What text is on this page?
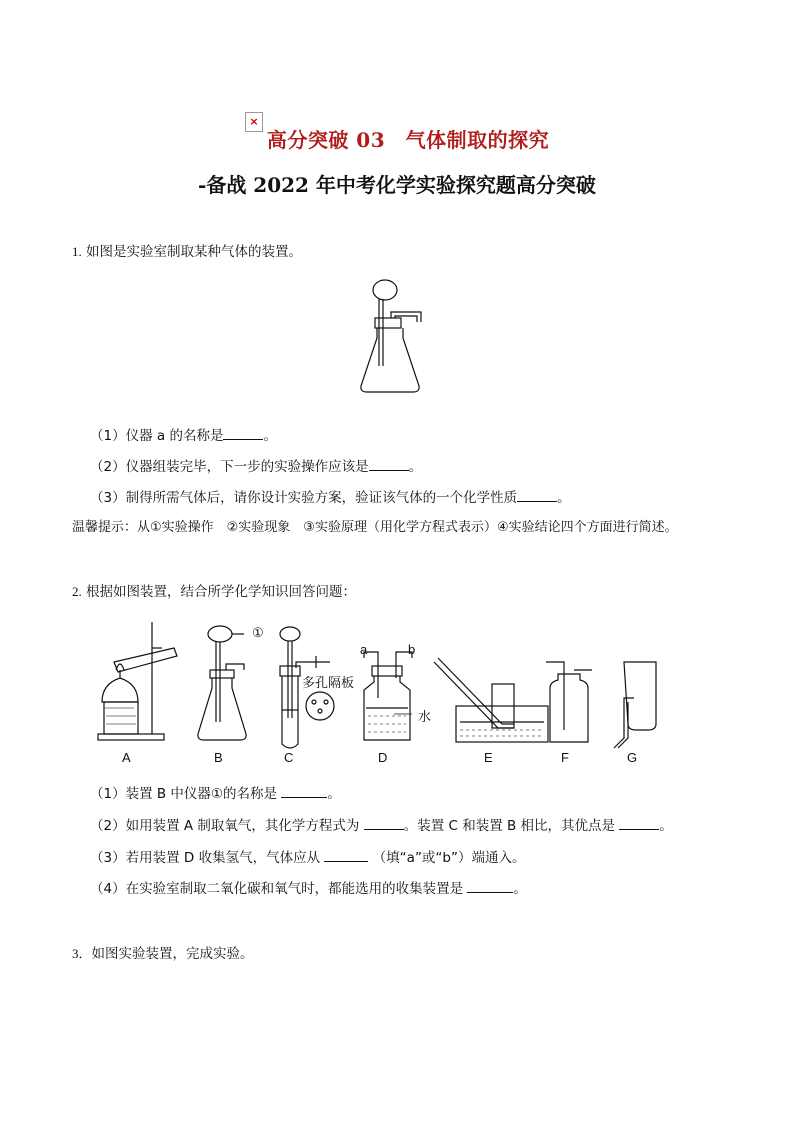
×
高分突破 03　气体制取的探究
-备战 2022 年中考化学实验探究题高分突破
1. 如图是实验室制取某种气体的装置。
（1）仪器 a 的名称是	。
（2）仪器组装完毕，下一步的实验操作应该是	。
（3）制得所需气体后，请你设计实验方案，验证该气体的一个化学性质	。
温馨提示：从①实验操作　②实验现象　③实验原理（用化学方程式表示）④实验结论四个方面进行简述。
2. 根据如图装置，结合所学化学知识回答问题：
①
多孔隔板
a	b
水
A	B	C	D	E	F	G
（1）装置 B 中仪器①的名称是	。
（2）如用装置 A 制取氧气，其化学方程式为	。装置 C 和装置 B 相比，其优点是	。
（3）若用装置 D 收集氢气，气体应从	（填“a”或“b”）端通入。
（4）在实验室制取二氧化碳和氧气时，都能选用的收集装置是	。
3．如图实验装置，完成实验。
